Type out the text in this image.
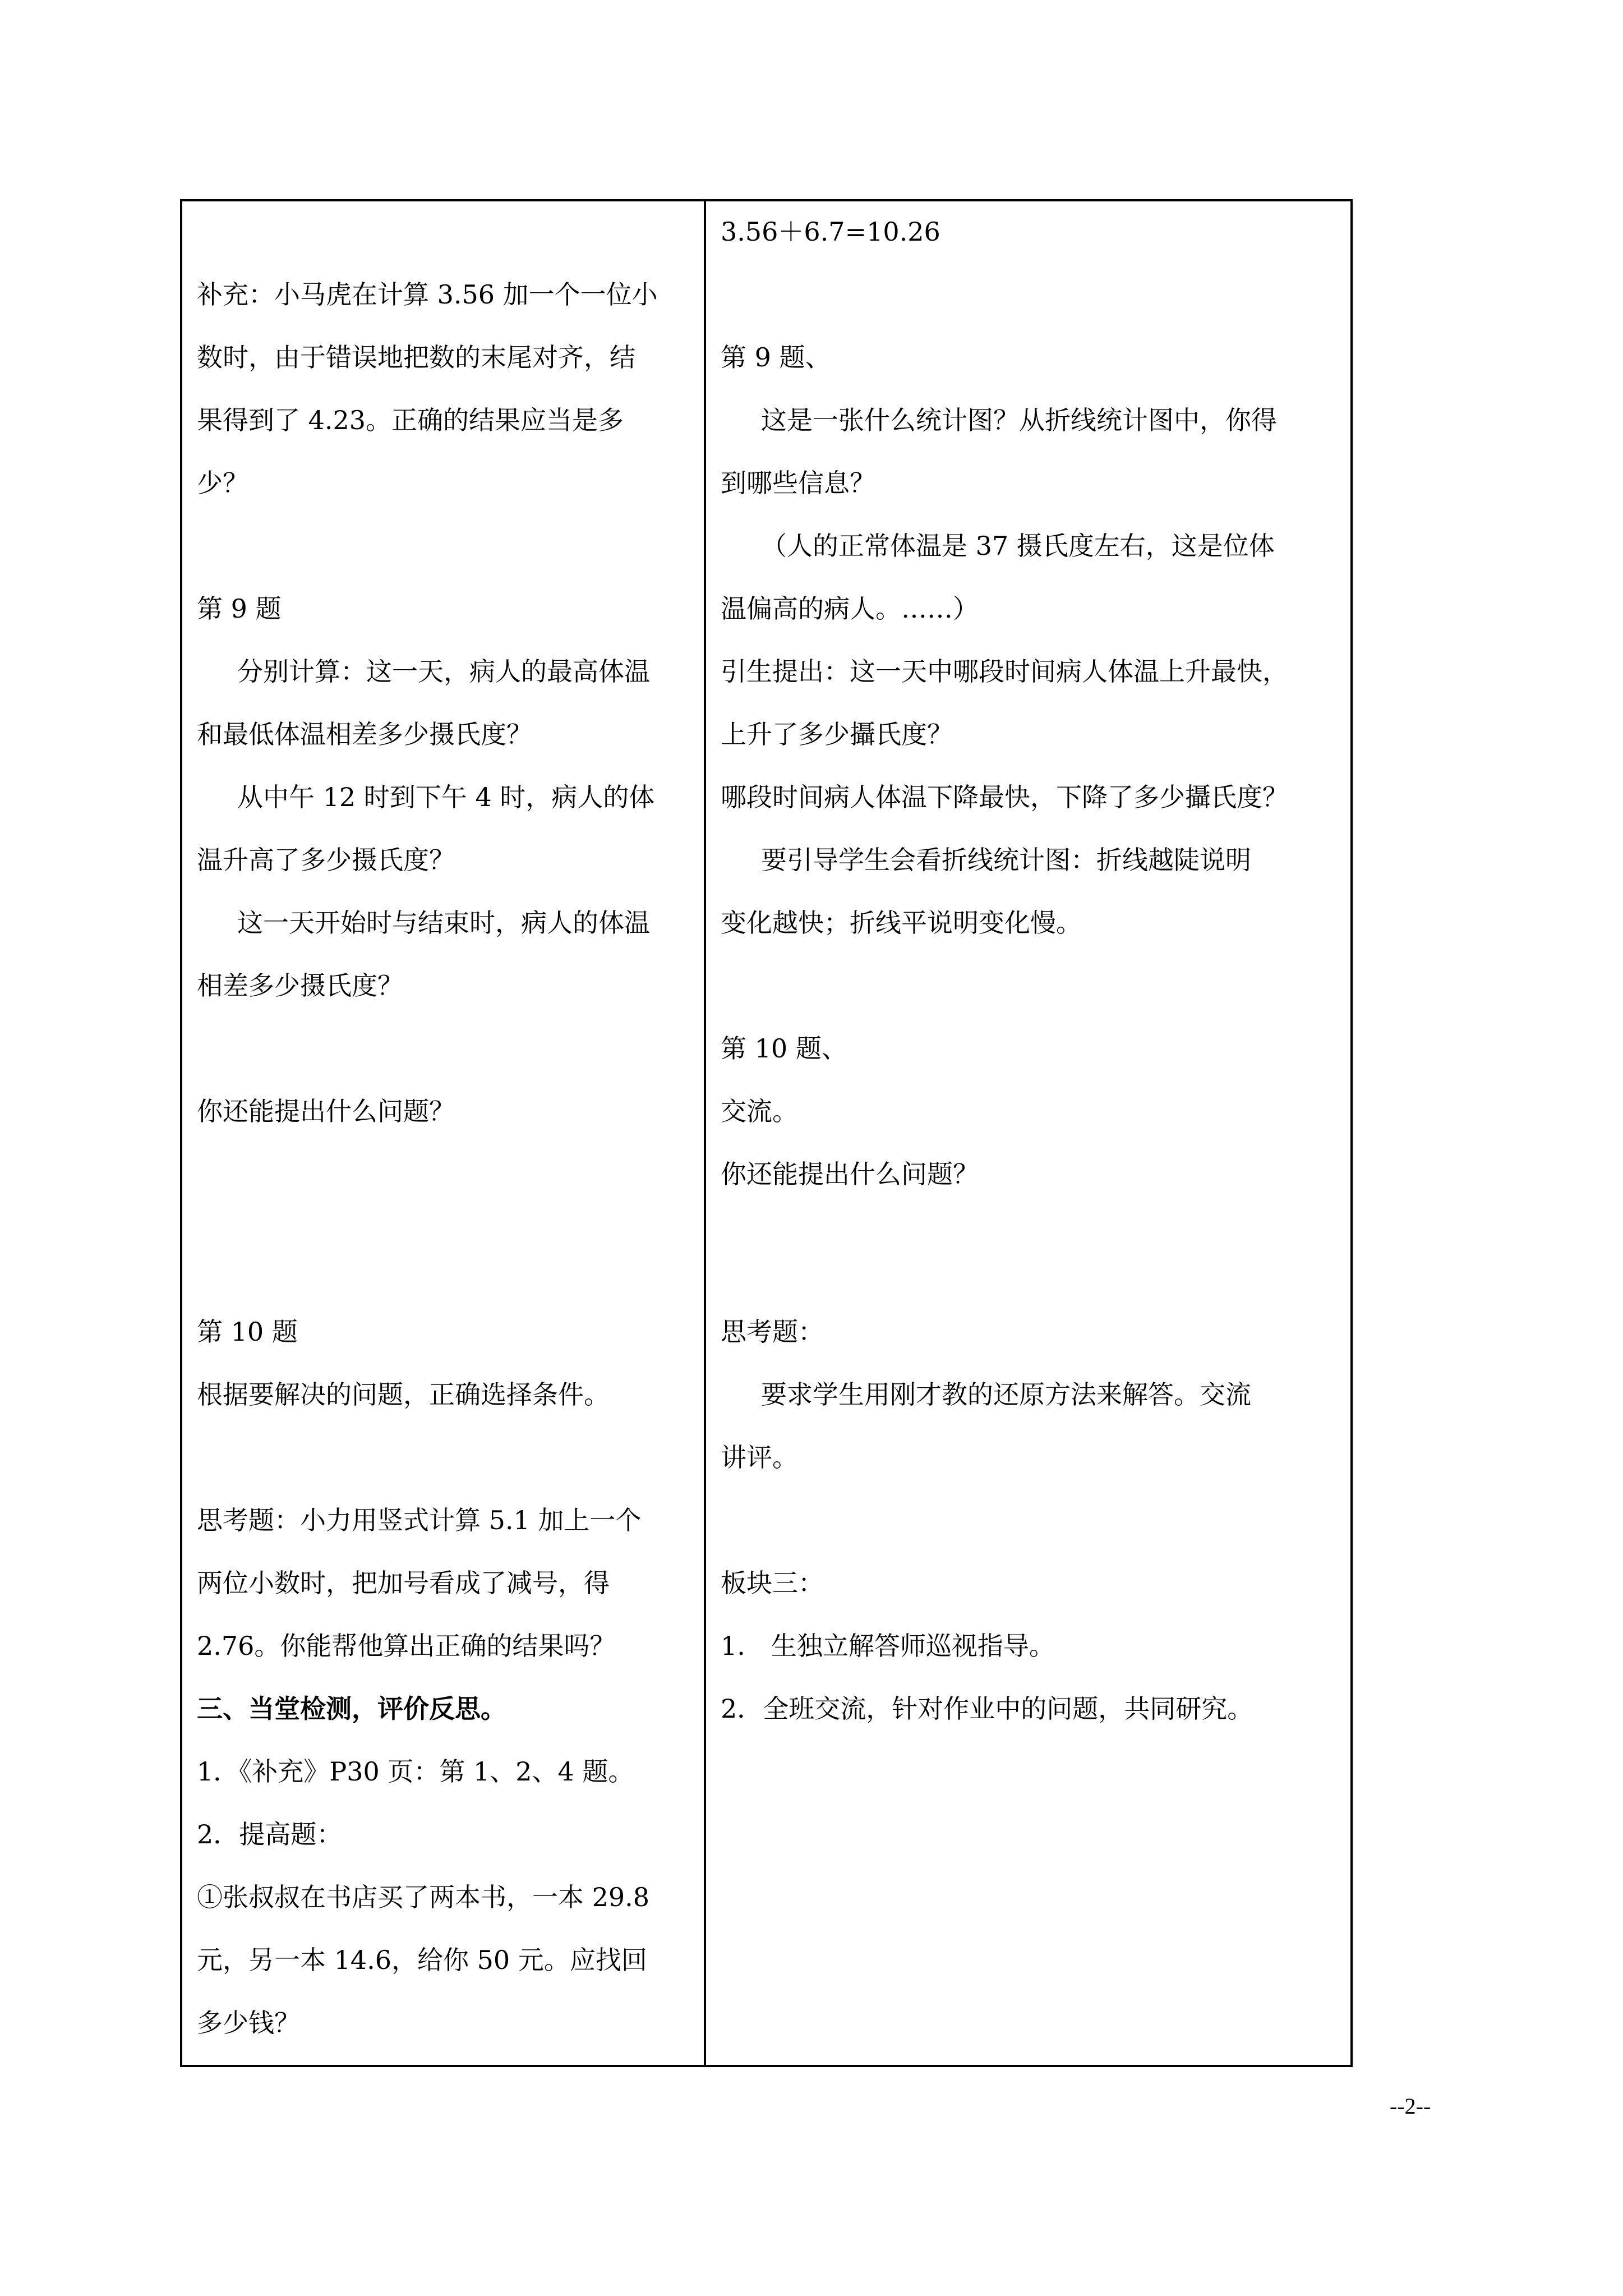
补充：小马虎在计算 3.56 加一个一位小
数时，由于错误地把数的末尾对齐，结
果得到了 4.23。正确的结果应当是多
少？
第 9 题
分别计算：这一天，病人的最高体温
和最低体温相差多少摄氏度？
从中午 12 时到下午 4 时，病人的体
温升高了多少摄氏度？
这一天开始时与结束时，病人的体温
相差多少摄氏度？
你还能提出什么问题？
第 10 题
根据要解决的问题，正确选择条件。
思考题：小力用竖式计算 5.1 加上一个
两位小数时，把加号看成了减号，得
2.76。你能帮他算出正确的结果吗？
三、当堂检测，评价反思。
1．《补充》P30 页：第 1、2、4 题。
2．提高题：
①张叔叔在书店买了两本书，一本 29.8
元，另一本 14.6，给你 50 元。应找回
多少钱？
3.56＋6.7=10.26
第 9 题、
这是一张什么统计图？从折线统计图中，你得
到哪些信息？
（人的正常体温是 37 摄氏度左右，这是位体
温偏高的病人。……）
引生提出：这一天中哪段时间病人体温上升最快，
上升了多少攝氏度？
哪段时间病人体温下降最快，下降了多少攝氏度？
要引导学生会看折线统计图：折线越陡说明
变化越快；折线平说明变化慢。
第 10 题、
交流。
你还能提出什么问题？
思考题：
要求学生用刚才教的还原方法来解答。交流
讲评。
板块三：
1.　生独立解答师巡视指导。
2．全班交流，针对作业中的问题，共同研究。
--2--
